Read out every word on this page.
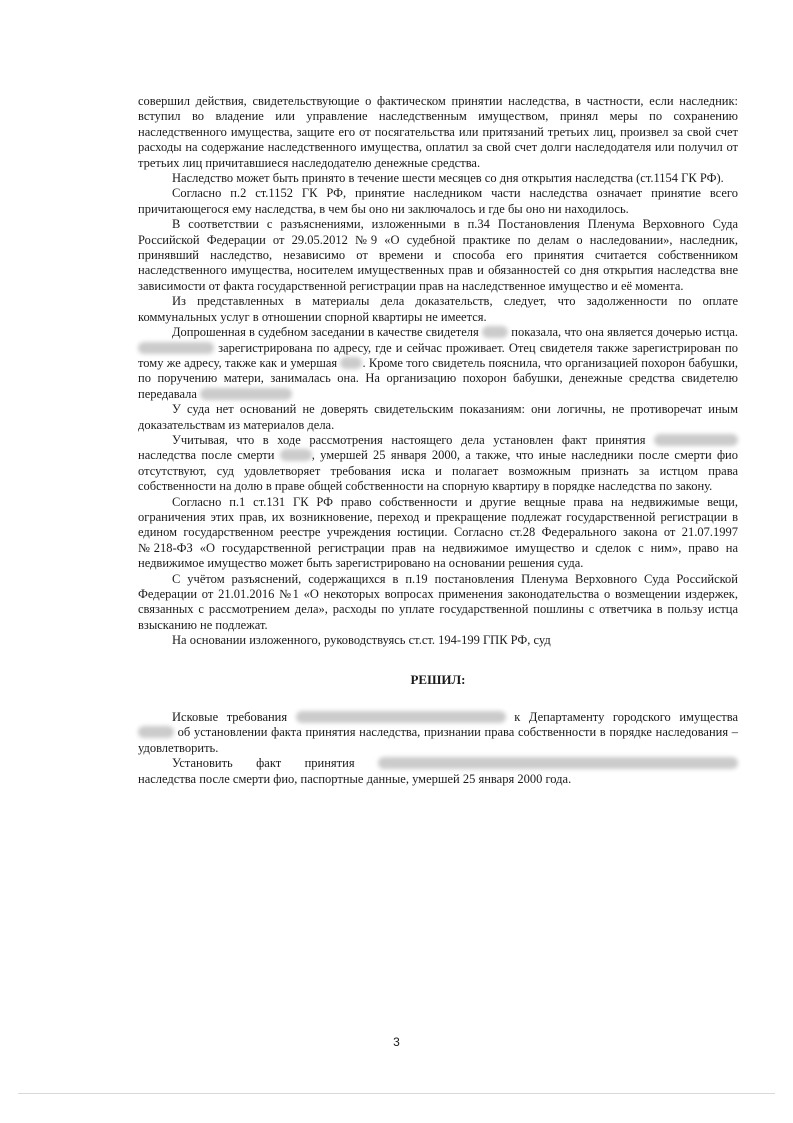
совершил действия, свидетельствующие о фактическом принятии наследства, в частности, если наследник: вступил во владение или управление наследственным имуществом, принял меры по сохранению наследственного имущества, защите его от посягательства или притязаний третьих лиц, произвел за свой счет расходы на содержание наследственного имущества, оплатил за свой счет долги наследодателя или получил от третьих лиц причитавшиеся наследодателю денежные средства.

Наследство может быть принято в течение шести месяцев со дня открытия наследства (ст.1154 ГК РФ).

Согласно п.2 ст.1152 ГК РФ, принятие наследником части наследства означает принятие всего причитающегося ему наследства, в чем бы оно ни заключалось и где бы оно ни находилось.

В соответствии с разъяснениями, изложенными в п.34 Постановления Пленума Верховного Суда Российской Федерации от 29.05.2012 №9 «О судебной практике по делам о наследовании», наследник, принявший наследство, независимо от времени и способа его принятия считается собственником наследственного имущества, носителем имущественных прав и обязанностей со дня открытия наследства вне зависимости от факта государственной регистрации прав на наследственное имущество и её момента.

Из представленных в материалы дела доказательств, следует, что задолженности по оплате коммунальных услуг в отношении спорной квартиры не имеется.

Допрошенная в судебном заседании в качестве свидетеля	показала, что она является дочерью истца.  зарегистрирована по адресу, где и сейчас проживает. Отец свидетеля также зарегистрирован по тому же адресу, также как и умершая . Кроме того свидетель пояснила, что организацией похорон бабушки, по поручению матери, занималась она. На организацию похорон бабушки, денежные средства свидетелю передавала

У суда нет оснований не доверять свидетельским показаниям: они логичны, не противоречат иным доказательствам из материалов дела.

Учитывая, что в ходе рассмотрения настоящего дела установлен факт принятия  наследства после смерти	, умершей 25 января 2000, а также, что иные наследники после смерти фио отсутствуют, суд удовлетворяет требования иска и полагает возможным признать за истцом права собственности на долю в праве общей собственности на спорную квартиру в порядке наследства по закону.

Согласно п.1 ст.131 ГК РФ право собственности и другие вещные права на недвижимые вещи, ограничения этих прав, их возникновение, переход и прекращение подлежат государственной регистрации в едином государственном реестре учреждения юстиции. Согласно ст.28 Федерального закона от 21.07.1997 №218-ФЗ «О государственной регистрации прав на недвижимое имущество и сделок с ним», право на недвижимое имущество может быть зарегистрировано на основании решения суда.

С учётом разъяснений, содержащихся в п.19 постановления Пленума Верховного Суда Российской Федерации от 21.01.2016 №1 «О некоторых вопросах применения законодательства о возмещении издержек, связанных с рассмотрением дела», расходы по уплате государственной пошлины с ответчика в пользу истца взысканию не подлежат.

На основании изложенного, руководствуясь ст.ст. 194-199 ГПК РФ, суд

РЕШИЛ:

Исковые требования	к Департаменту городского имущества  об установлении факта принятия наследства, признании права собственности в порядке наследования – удовлетворить.

Установить факт принятия  наследства после смерти фио, паспортные данные, умершей 25 января 2000 года.

3
